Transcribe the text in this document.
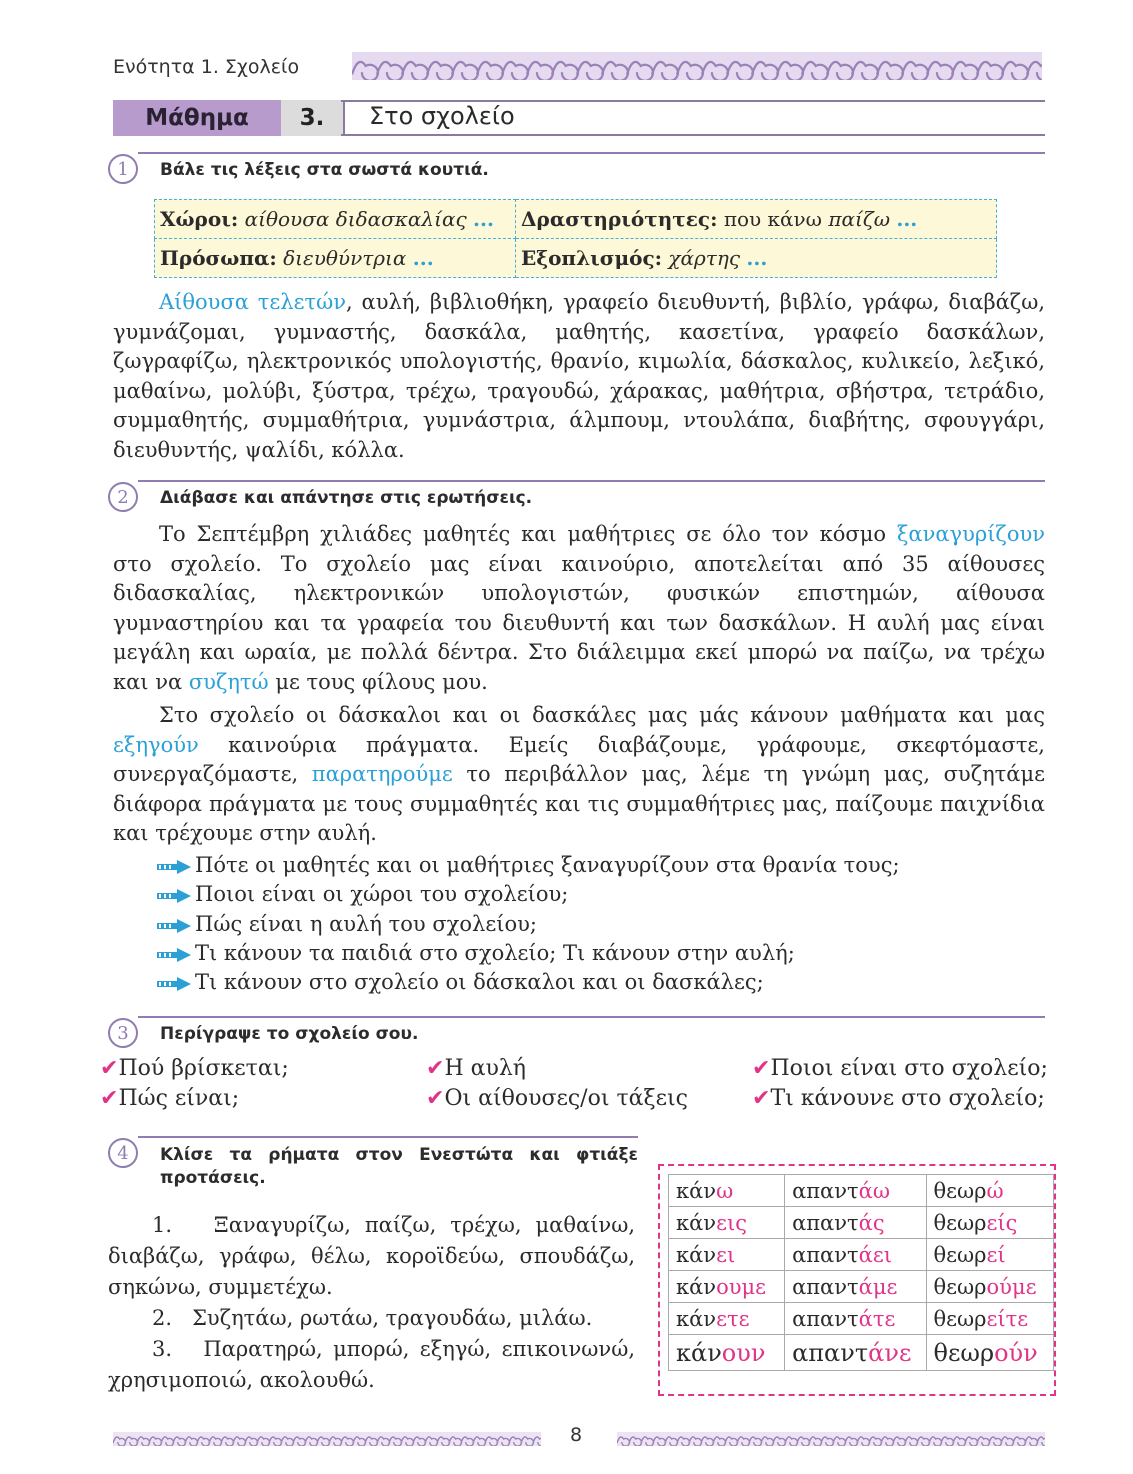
Ενότητα 1. Σχολείο
Μάθημα	3.	Στο σχολείο
1	Βάλε τις λέξεις στα σωστά κουτιά.
Χώροι: αίθουσα διδασκαλίας ...	Δραστηριότητες: που κάνω παίζω ...
Πρόσωπα: διευθύντρια ...	Εξοπλισμός: χάρτης ...
Αίθουσα τελετών, αυλή, βιβλιοθήκη, γραφείο διευθυντή, βιβλίο, γράφω, διαβάζω, γυμνάζομαι, γυμναστής, δασκάλα, μαθητής, κασετίνα, γραφείο δασκάλων, ζωγραφίζω, ηλεκτρονικός υπολογιστής, θρανίο, κιμωλία, δάσκαλος, κυλικείο, λεξικό, μαθαίνω, μολύβι, ξύστρα, τρέχω, τραγουδώ, χάρακας, μαθήτρια, σβήστρα, τετράδιο, συμμαθητής, συμμαθήτρια, γυμνάστρια, άλμπουμ, ντουλάπα, διαβήτης, σφουγγάρι, διευθυντής, ψαλίδι, κόλλα.
2	Διάβασε και απάντησε στις ερωτήσεις.
Το Σεπτέμβρη χιλιάδες μαθητές και μαθήτριες σε όλο τον κόσμο ξαναγυρίζουν στο σχολείο. Το σχολείο μας είναι καινούριο, αποτελείται από 35 αίθουσες διδασκαλίας, ηλεκτρονικών υπολογιστών, φυσικών επιστημών, αίθουσα γυμναστηρίου και τα γραφεία του διευθυντή και των δασκάλων. Η αυλή μας είναι μεγάλη και ωραία, με πολλά δέντρα. Στο διάλειμμα εκεί μπορώ να παίζω, να τρέχω και να συζητώ με τους φίλους μου.
Στο σχολείο οι δάσκαλοι και οι δασκάλες μας μάς κάνουν μαθήματα και μας εξηγούν καινούρια πράγματα. Εμείς διαβάζουμε, γράφουμε, σκεφτόμαστε, συνεργαζόμαστε, παρατηρούμε το περιβάλλον μας, λέμε τη γνώμη μας, συζητάμε διάφορα πράγματα με τους συμμαθητές και τις συμμαθήτριες μας, παίζουμε παιχνίδια και τρέχουμε στην αυλή.
Πότε οι μαθητές και οι μαθήτριες ξαναγυρίζουν στα θρανία τους;
Ποιοι είναι οι χώροι του σχολείου;
Πώς είναι η αυλή του σχολείου;
Τι κάνουν τα παιδιά στο σχολείο; Τι κάνουν στην αυλή;
Τι κάνουν στο σχολείο οι δάσκαλοι και οι δασκάλες;
3	Περίγραψε το σχολείο σου.
✔Πού βρίσκεται;	✔Η αυλή	✔Ποιοι είναι στο σχολείο;
✔Πώς είναι;	✔Οι αίθουσες/οι τάξεις	✔Τι κάνουνε στο σχολείο;
4	Κλίσε τα ρήματα στον Ενεστώτα και φτιάξε προτάσεις.
1. Ξαναγυρίζω, παίζω, τρέχω, μαθαίνω, διαβάζω, γράφω, θέλω, κοροϊδεύω, σπουδάζω, σηκώνω, συμμετέχω.
2. Συζητάω, ρωτάω, τραγουδάω, μιλάω.
3. Παρατηρώ, μπορώ, εξηγώ, επικοινωνώ, χρησιμοποιώ, ακολουθώ.
κάνω	απαντάω	θεωρώ
κάνεις	απαντάς	θεωρείς
κάνει	απαντάει	θεωρεί
κάνουμε	απαντάμε	θεωρούμε
κάνετε	απαντάτε	θεωρείτε
κάνουν	απαντάνε	θεωρούν
8
